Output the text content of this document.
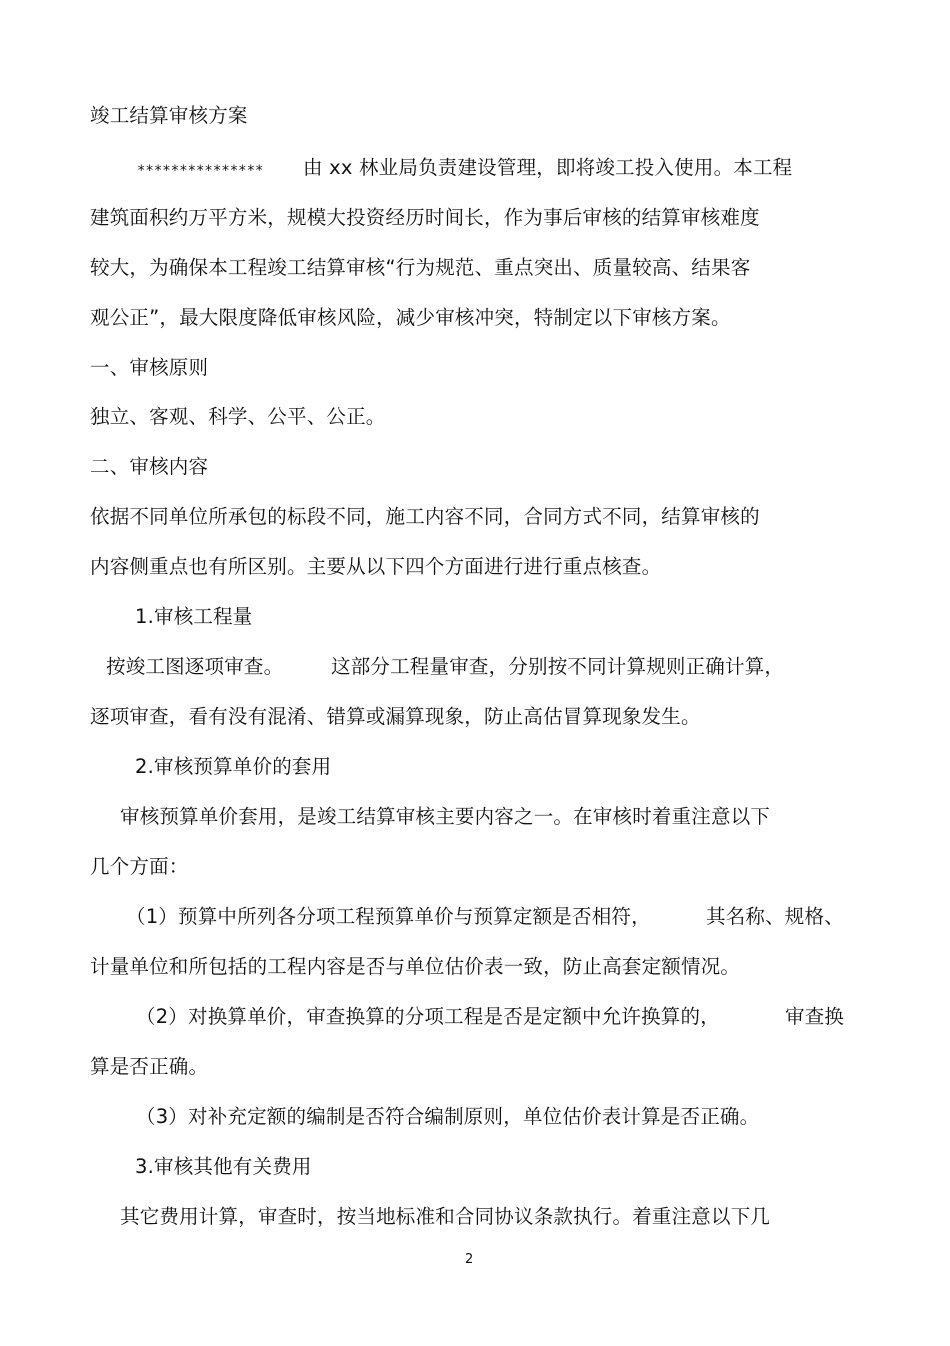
竣工结算审核方案
*************** 由 xx 林业局负责建设管理，即将竣工投入使用。本工程
建筑面积约万平方米，规模大投资经历时间长，作为事后审核的结算审核难度
较大，为确保本工程竣工结算审核“行为规范、重点突出、质量较高、结果客
观公正”，最大限度降低审核风险，减少审核冲突，特制定以下审核方案。
一、审核原则
独立、客观、科学、公平、公正。
二、审核内容
依据不同单位所承包的标段不同，施工内容不同，合同方式不同，结算审核的
内容侧重点也有所区别。主要从以下四个方面进行进行重点核查。
1.审核工程量
按竣工图逐项审查。 这部分工程量审查，分别按不同计算规则正确计算，
逐项审查，看有没有混淆、错算或漏算现象，防止高估冒算现象发生。
2.审核预算单价的套用
审核预算单价套用，是竣工结算审核主要内容之一。在审核时着重注意以下
几个方面：
（1）预算中所列各分项工程预算单价与预算定额是否相符，	其名称、规格、
计量单位和所包括的工程内容是否与单位估价表一致，防止高套定额情况。
（2）对换算单价，审查换算的分项工程是否是定额中允许换算的，	审查换
算是否正确。
（3）对补充定额的编制是否符合编制原则，单位估价表计算是否正确。
3.审核其他有关费用
其它费用计算，审查时，按当地标准和合同协议条款执行。着重注意以下几
2
